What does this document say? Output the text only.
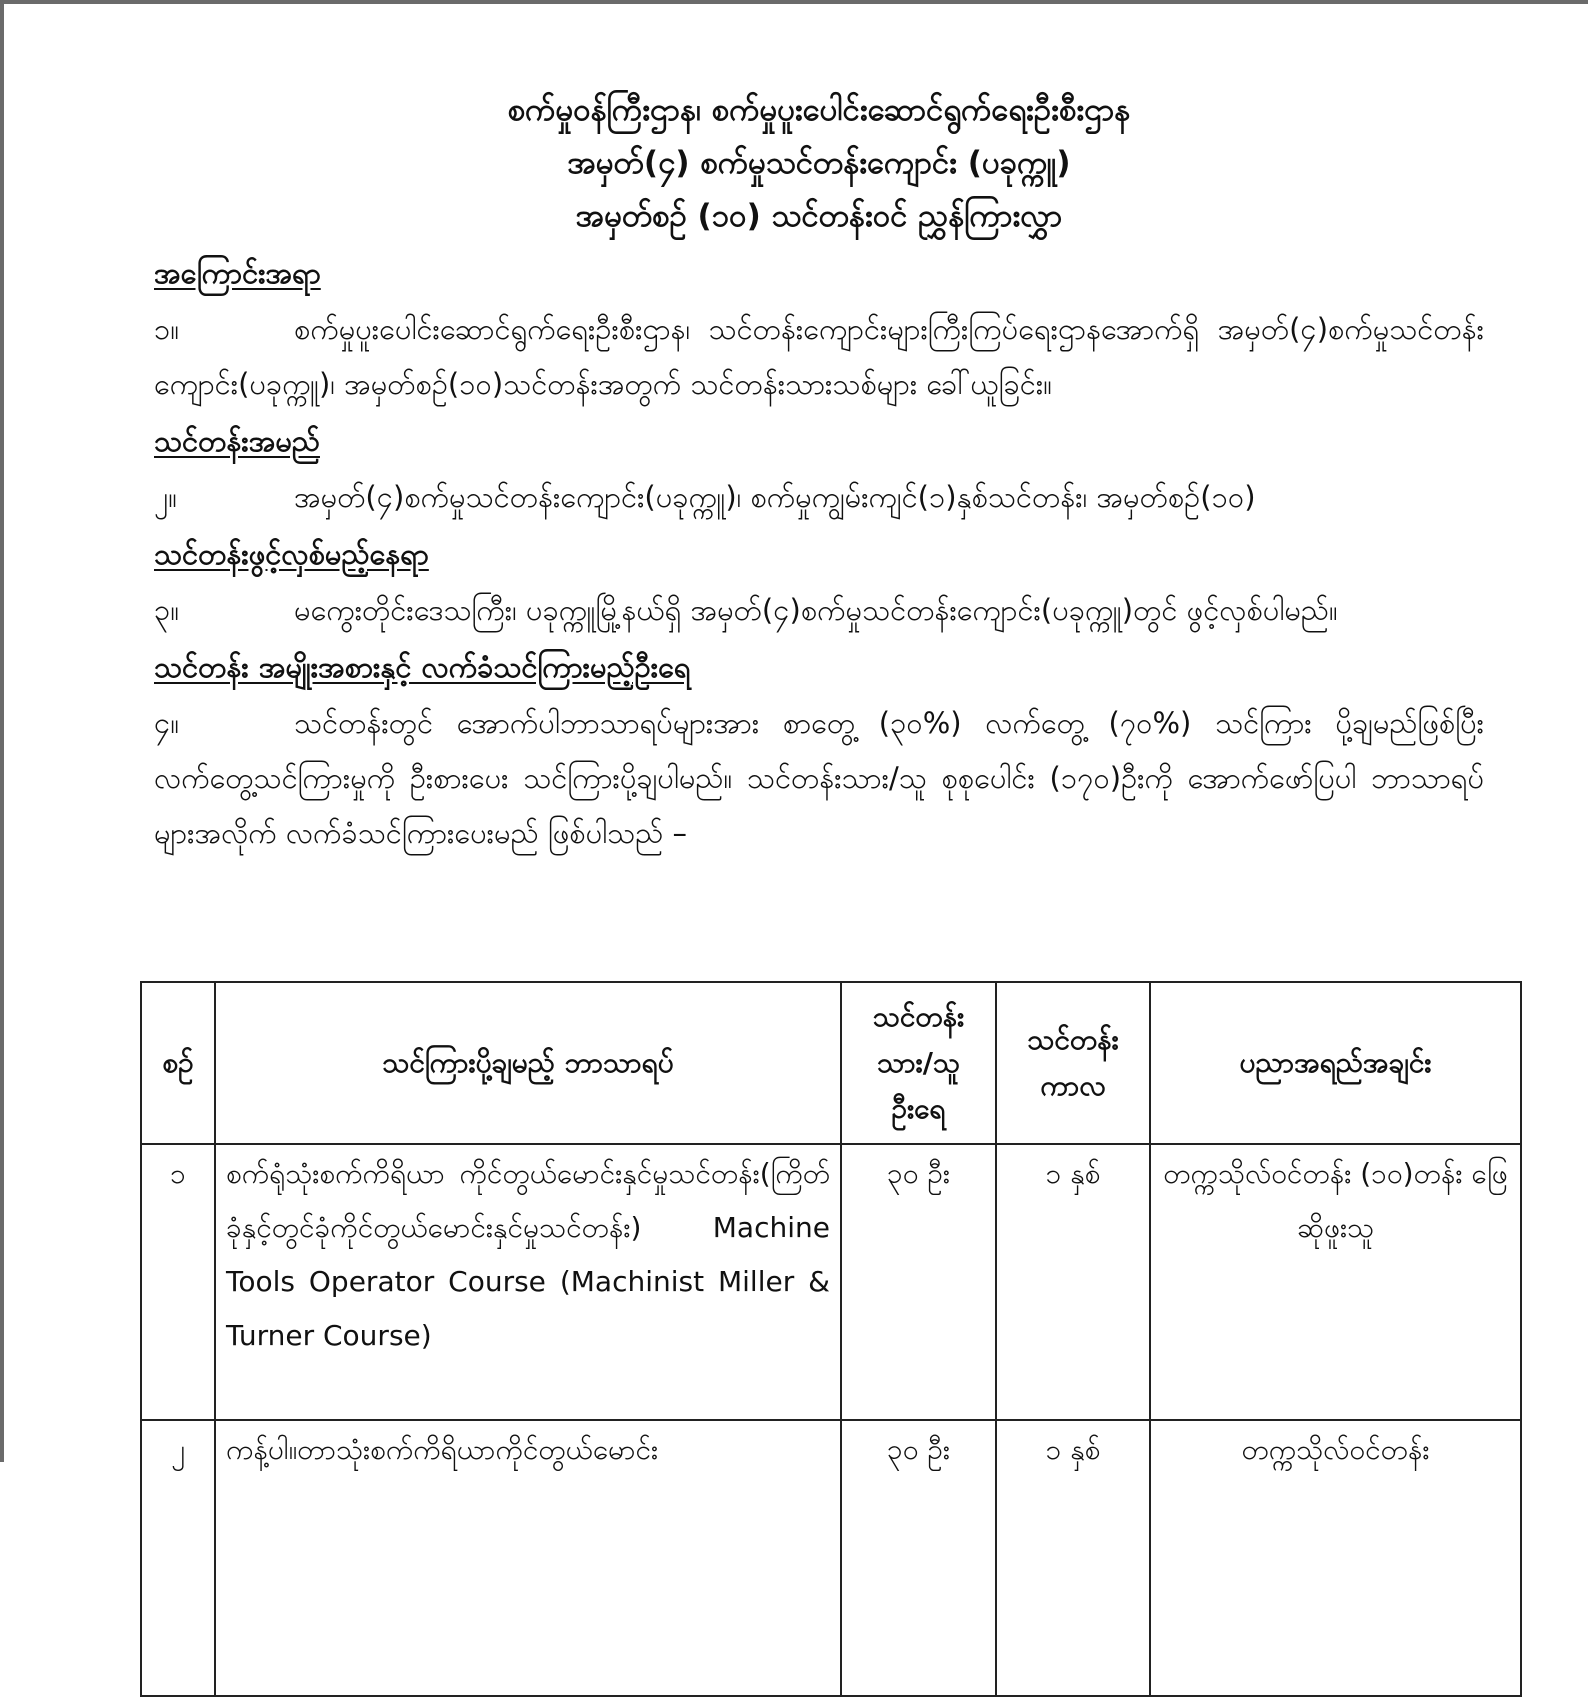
စက်မှုဝန်ကြီးဌာန၊ စက်မှုပူးပေါင်းဆောင်ရွက်ရေးဦးစီးဌာန
အမှတ်(၄) စက်မှုသင်တန်းကျောင်း (ပခုက္ကူ)
အမှတ်စဉ် (၁၀) သင်တန်းဝင် ညွှန်ကြားလွှာ
အကြောင်းအရာ
၁။	စက်မှုပူးပေါင်းဆောင်ရွက်ရေးဦးစီးဌာန၊ သင်တန်းကျောင်းများကြီးကြပ်ရေးဌာနအောက်ရှိ အမှတ်(၄)စက်မှုသင်တန်းကျောင်း(ပခုက္ကူ)၊ အမှတ်စဉ်(၁၀)သင်တန်းအတွက် သင်တန်းသားသစ်များ ခေါ်ယူခြင်း။
သင်တန်းအမည်
၂။	အမှတ်(၄)စက်မှုသင်တန်းကျောင်း(ပခုက္ကူ)၊ စက်မှုကျွမ်းကျင်(၁)နှစ်သင်တန်း၊ အမှတ်စဉ်(၁၀)
သင်တန်းဖွင့်လှစ်မည့်နေရာ
၃။	မကွေးတိုင်းဒေသကြီး၊ ပခုက္ကူမြို့နယ်ရှိ အမှတ်(၄)စက်မှုသင်တန်းကျောင်း(ပခုက္ကူ)တွင် ဖွင့်လှစ်ပါမည်။
သင်တန်း အမျိုးအစားနှင့် လက်ခံသင်ကြားမည့်ဦးရေ
၄။	သင်တန်းတွင် အောက်ပါဘာသာရပ်များအား စာတွေ့ (၃၀%) လက်တွေ့ (၇၀%) သင်ကြား ပို့ချမည်ဖြစ်ပြီး လက်တွေ့သင်ကြားမှုကို ဦးစားပေး သင်ကြားပို့ချပါမည်။ သင်တန်းသား/သူ စုစုပေါင်း (၁၇၀)ဦးကို အောက်ဖော်ပြပါ ဘာသာရပ်များအလိုက် လက်ခံသင်ကြားပေးမည် ဖြစ်ပါသည် –
စဉ်	သင်ကြားပို့ချမည့် ဘာသာရပ်	သင်တန်း သား/သူ ဦးရေ	သင်တန်း ကာလ	ပညာအရည်အချင်း
၁	စက်ရုံသုံးစက်ကိရိယာ ကိုင်တွယ်မောင်းနှင်မှုသင်တန်း(ကြိတ်ခုံနှင့်တွင်ခုံကိုင်တွယ်မောင်းနှင်မှုသင်တန်း) Machine Tools Operator Course (Machinist Miller & Turner Course)	၃၀ ဦး	၁ နှစ်	တက္ကသိုလ်ဝင်တန်း (၁၀)တန်း ဖြေဆိုဖူးသူ
၂	ကန့်ပါ။တာသုံးစက်ကိရိယာကိုင်တွယ်မောင်း	၃၀ ဦး	၁ နှစ်	တက္ကသိုလ်ဝင်တန်း
